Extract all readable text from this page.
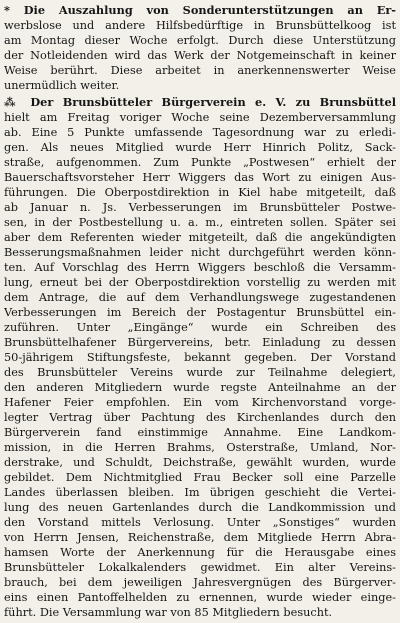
* Die Auszahlung von Sonderunterstützungen an Er-
werbslose und andere Hilfsbedürftige in Brunsbüttelkoog ist
am Montag dieser Woche erfolgt. Durch diese Unterstützung
der Notleidenden wird das Werk der Notgemeinschaft in keiner
Weise berührt. Diese arbeitet in anerkennenswerter Weise
unermüdlich weiter.
⁂ Der Brunsbütteler Bürgerverein e. V. zu Brunsbüttel
hielt am Freitag voriger Woche seine Dezemberversammlung
ab. Eine 5 Punkte umfassende Tagesordnung war zu erledi-
gen. Als neues Mitglied wurde Herr Hinrich Politz, Sack-
straße, aufgenommen. Zum Punkte „Postwesen“ erhielt der
Bauerschaftsvorsteher Herr Wiggers das Wort zu einigen Aus-
führungen. Die Oberpostdirektion in Kiel habe mitgeteilt, daß
ab Januar n. Js. Verbesserungen im Brunsbütteler Postwe-
sen, in der Postbestellung u. a. m., eintreten sollen. Später sei
aber dem Referenten wieder mitgeteilt, daß die angekündigten
Besserungsmaßnahmen leider nicht durchgeführt werden könn-
ten. Auf Vorschlag des Herrn Wiggers beschloß die Versamm-
lung, erneut bei der Oberpostdirektion vorstellig zu werden mit
dem Antrage, die auf dem Verhandlungswege zugestandenen
Verbesserungen im Bereich der Postagentur Brunsbüttel ein-
zuführen. Unter „Eingänge“ wurde ein Schreiben des
Brunsbüttelhafener Bürgervereins, betr. Einladung zu dessen
50-jährigem Stiftungsfeste, bekannt gegeben. Der Vorstand
des Brunsbütteler Vereins wurde zur Teilnahme delegiert,
den anderen Mitgliedern wurde regste Anteilnahme an der
Hafener Feier empfohlen. Ein vom Kirchenvorstand vorge-
legter Vertrag über Pachtung des Kirchenlandes durch den
Bürgerverein fand einstimmige Annahme. Eine Landkom-
mission, in die Herren Brahms, Osterstraße, Umland, Nor-
derstrake, und Schuldt, Deichstraße, gewählt wurden, wurde
gebildet. Dem Nichtmitglied Frau Becker soll eine Parzelle
Landes überlassen bleiben. Im übrigen geschieht die Vertei-
lung des neuen Gartenlandes durch die Landkommission und
den Vorstand mittels Verlosung. Unter „Sonstiges“ wurden
von Herrn Jensen, Reichenstraße, dem Mitgliede Herrn Abra-
hamsen Worte der Anerkennung für die Herausgabe eines
Brunsbütteler Lokalkalenders gewidmet. Ein alter Vereins-
brauch, bei dem jeweiligen Jahresvergnügen des Bürgerver-
eins einen Pantoffelhelden zu ernennen, wurde wieder einge-
führt. Die Versammlung war von 85 Mitgliedern besucht.
